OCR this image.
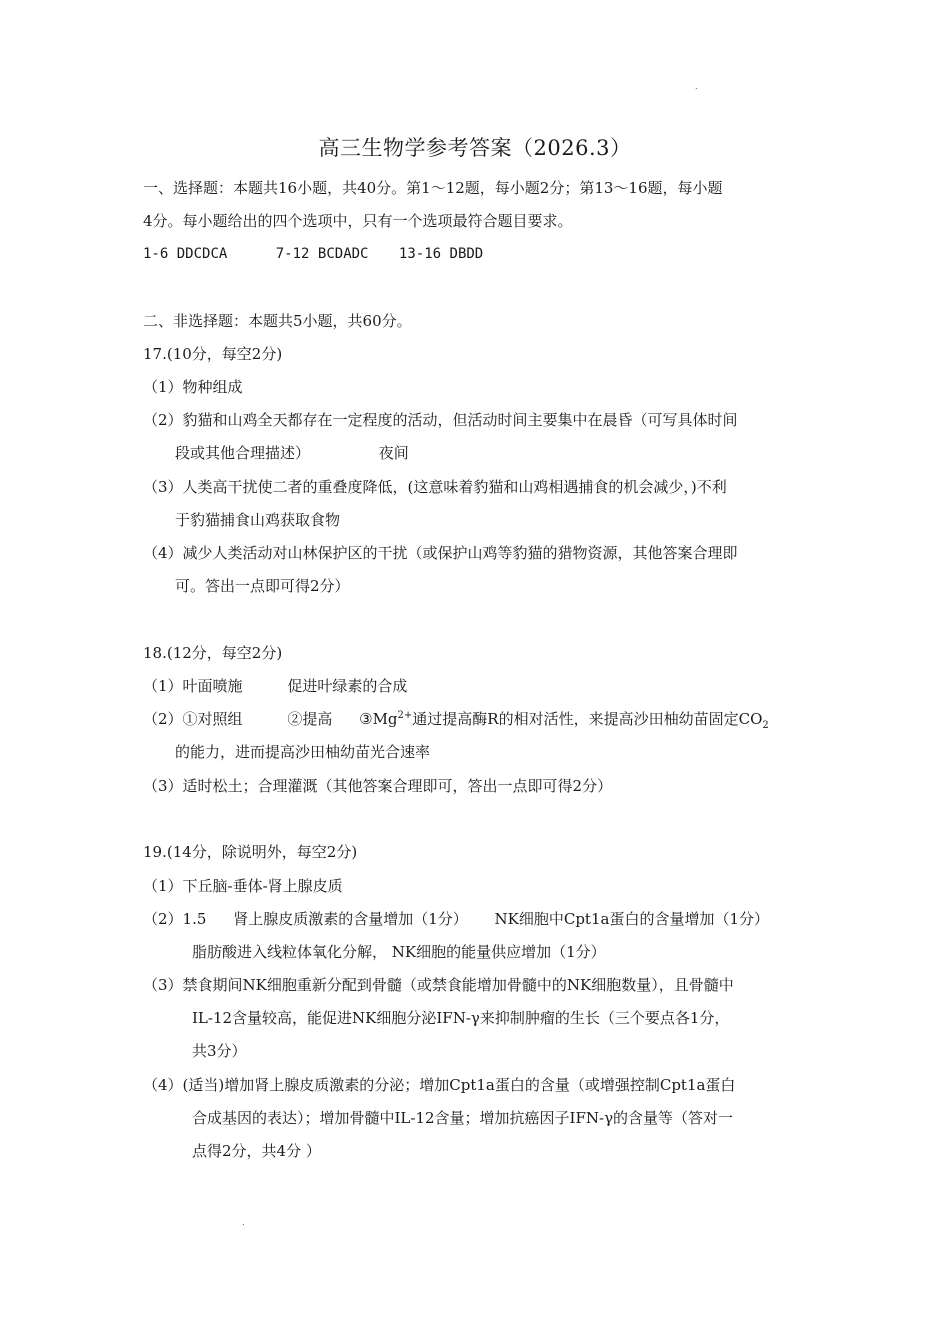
.
高三生物学参考答案（2026.3）
一、选择题：本题共16小题，共40分。第1～12题，每小题2分；第13～16题，每小题
4分。每小题给出的四个选项中，只有一个选项最符合题目要求。
1-6 DDCDCA	7-12 BCDADC 13-16 DBDD
二、非选择题：本题共5小题，共60分。
17.(10分，每空2分)
（1）物种组成
（2）豹猫和山鸡全天都存在一定程度的活动，但活动时间主要集中在晨昏（可写具体时间
段或其他合理描述）	夜间
（3）人类高干扰使二者的重叠度降低，(这意味着豹猫和山鸡相遇捕食的机会减少，)不利
于豹猫捕食山鸡获取食物
（4）减少人类活动对山林保护区的干扰（或保护山鸡等豹猫的猎物资源，其他答案合理即
可。答出一点即可得2分）
18.(12分，每空2分)
（1）叶面喷施	促进叶绿素的合成
（2）①对照组	②提高 $③Mg^{2+}$通过提高酶R的相对活性，来提高沙田柚幼苗固定$CO_2$
的能力，进而提高沙田柚幼苗光合速率
（3）适时松土；合理灌溉（其他答案合理即可，答出一点即可得2分）
19.(14分，除说明外，每空2分)
（1）下丘脑-垂体-肾上腺皮质
（2）1.5 肾上腺皮质激素的含量增加（1分） NK细胞中Cpt1a蛋白的含量增加（1分）
脂肪酸进入线粒体氧化分解， NK细胞的能量供应增加（1分）
（3）禁食期间NK细胞重新分配到骨髓（或禁食能增加骨髓中的NK细胞数量），且骨髓中
IL-12含量较高，能促进NK细胞分泌IFN-γ来抑制肿瘤的生长（三个要点各1分，
共3分）
（4）(适当)增加肾上腺皮质激素的分泌；增加Cpt1a蛋白的含量（或增强控制Cpt1a蛋白
合成基因的表达）；增加骨髓中IL-12含量；增加抗癌因子IFN-γ的含量等（答对一
点得2分，共4分 ）
.
